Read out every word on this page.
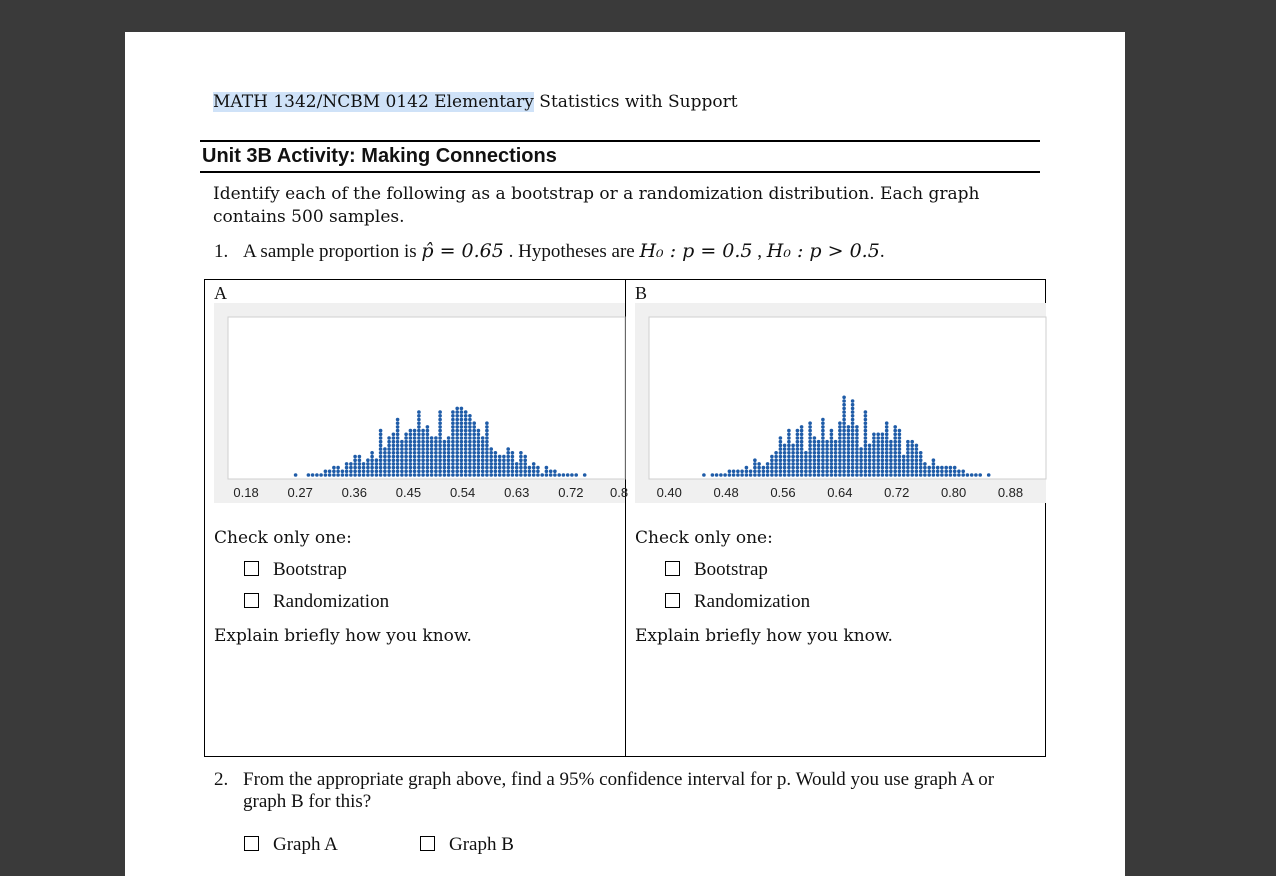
MATH 1342/NCBM 0142 Elementary Statistics with Support
Unit 3B Activity: Making Connections
Identify each of the following as a bootstrap or a randomization distribution. Each graph contains 500 samples.
1. A sample proportion is p̂ = 0.65 . Hypotheses are H₀ : p = 0.5 , H₀ : p > 0.5.
A
0.18 0.27 0.36 0.45 0.54 0.63 0.72 0.8
Check only one:
Bootstrap
Randomization
Explain briefly how you know.
B
0.40 0.48 0.56 0.64 0.72 0.80 0.88
Check only one:
Bootstrap
Randomization
Explain briefly how you know.
2. From the appropriate graph above, find a 95% confidence interval for p. Would you use graph A or graph B for this?
Graph A	Graph B
